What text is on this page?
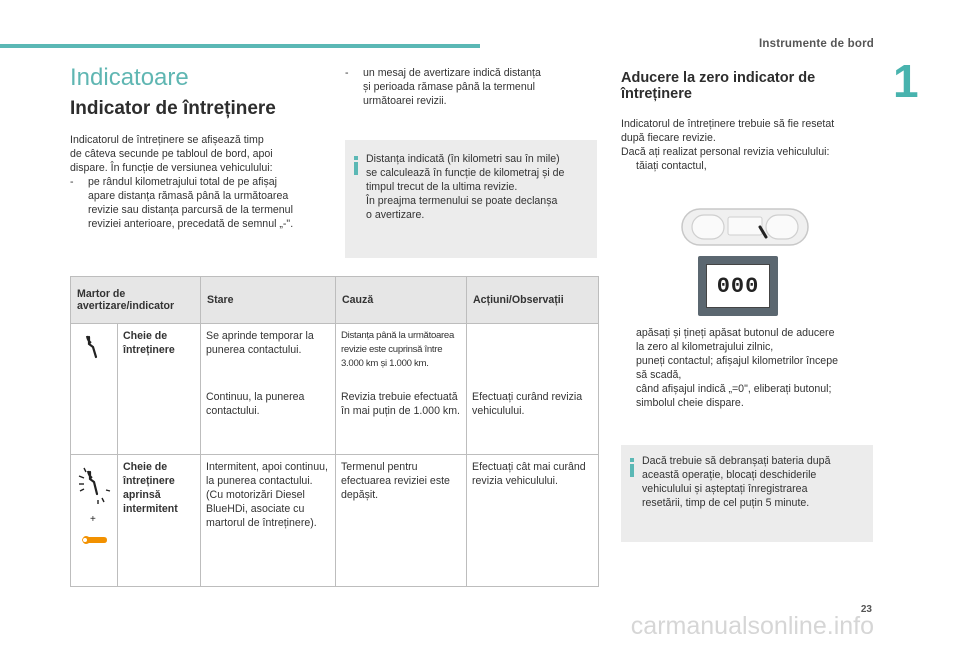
Instrumente de bord
1
Indicatoare
Indicator de întreținere
Indicatorul de întreținere se afișează timp
de câteva secunde pe tabloul de bord, apoi
dispare. În funcție de versiunea vehiculului:
- pe rândul kilometrajului total de pe afișaj
apare distanța rămasă până la următoarea
revizie sau distanța parcursă de la termenul
reviziei anterioare, precedată de semnul „-".
- un mesaj de avertizare indică distanța
și perioada rămase până la termenul
următoarei revizii.
Distanța indicată (în kilometri sau în mile)
se calculează în funcție de kilometraj și de
timpul trecut de la ultima revizie.
În preajma termenului se poate declanșa
o avertizare.
Martor de avertizare/indicator		Stare	Cauză	Acțiuni/Observații
	Cheie de întreținere	Se aprinde temporar la punerea contactului.	Distanța până la următoarea revizie este cuprinsă între 3.000 km și 1.000 km.	
		Continuu, la punerea contactului.	Revizia trebuie efectuată în mai puțin de 1.000 km.	Efectuați curând revizia vehiculului.

+	Cheie de întreținere aprinsă intermitent	Intermitent, apoi continuu, la punerea contactului. (Cu motorizări Diesel BlueHDi, asociate cu martorul de întreținere).	Termenul pentru efectuarea reviziei este depășit.	Efectuați cât mai curând revizia vehiculului.
Aducere la zero indicator de
întreținere
Indicatorul de întreținere trebuie să fie resetat
după fiecare revizie.
Dacă ați realizat personal revizia vehiculului:
tăiați contactul,
000
apăsați și țineți apăsat butonul de aducere
la zero al kilometrajului zilnic,
puneți contactul; afișajul kilometrilor începe
să scadă,
când afișajul indică „=0", eliberați butonul;
simbolul cheie dispare.
Dacă trebuie să debranșați bateria după
această operație, blocați deschiderile
vehiculului și așteptați înregistrarea
resetării, timp de cel puțin 5 minute.
23
carmanualsonline.info
